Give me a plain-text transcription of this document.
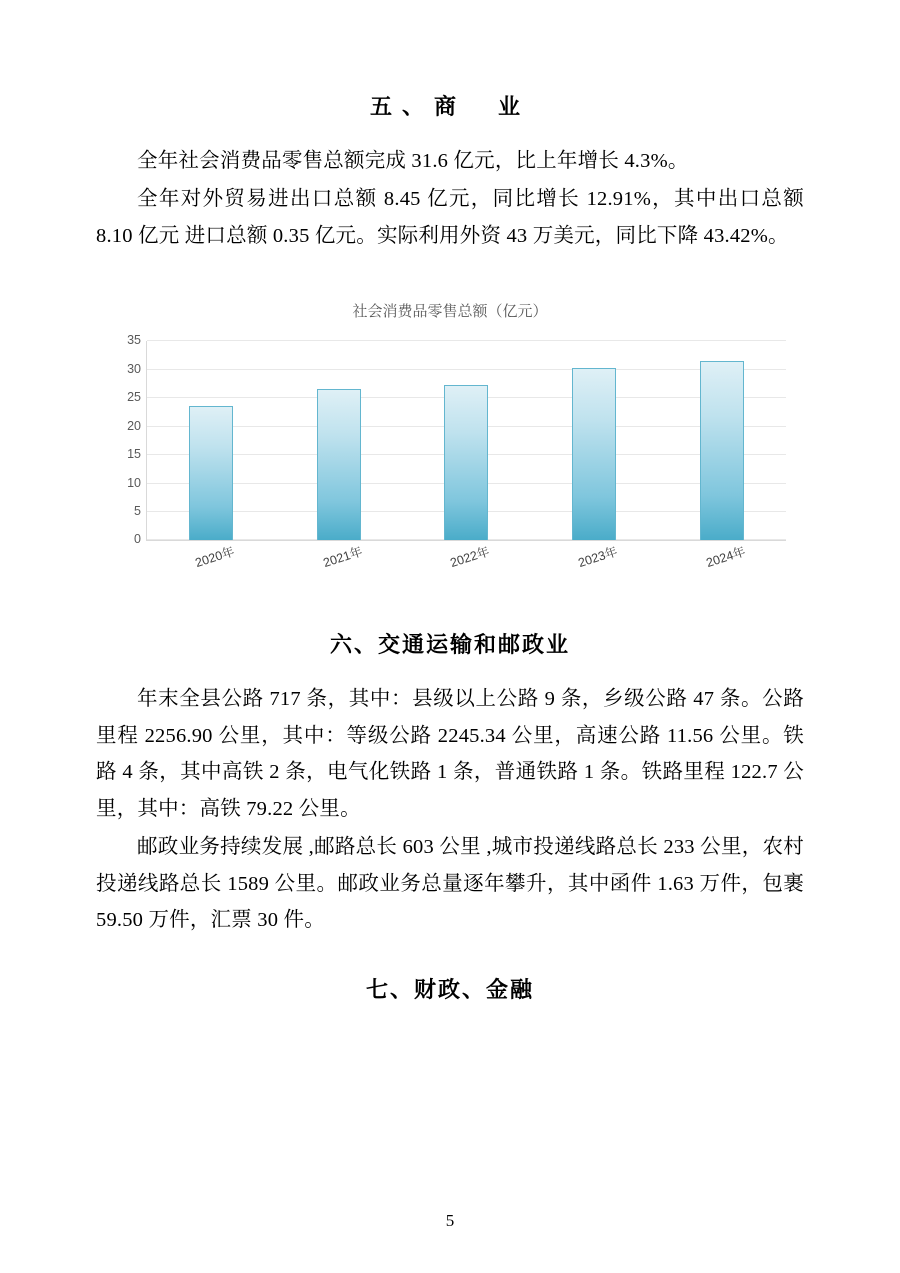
五、商　业

全年社会消费品零售总额完成 31.6 亿元，比上年增长 4.3%。

全年对外贸易进出口总额 8.45 亿元，同比增长 12.91%，其中出口总额 8.10 亿元 进口总额 0.35 亿元。实际利用外资 43 万美元，同比下降 43.42%。

社会消费品零售总额（亿元）
35
30
25
20
15
10
5
0
2020年	2021年	2022年	2023年	2024年
六、交通运输和邮政业

年末全县公路 717 条，其中：县级以上公路 9 条，乡级公路 47 条。公路里程 2256.90 公里，其中：等级公路 2245.34 公里，高速公路 11.56 公里。铁路 4 条，其中高铁 2 条，电气化铁路 1 条，普通铁路 1 条。铁路里程 122.7 公里，其中：高铁 79.22 公里。

邮政业务持续发展 ,邮路总长 603 公里 ,城市投递线路总长 233 公里，农村投递线路总长 1589 公里。邮政业务总量逐年攀升，其中函件 1.63 万件，包裹 59.50 万件，汇票 30 件。

七、财政、金融
5
